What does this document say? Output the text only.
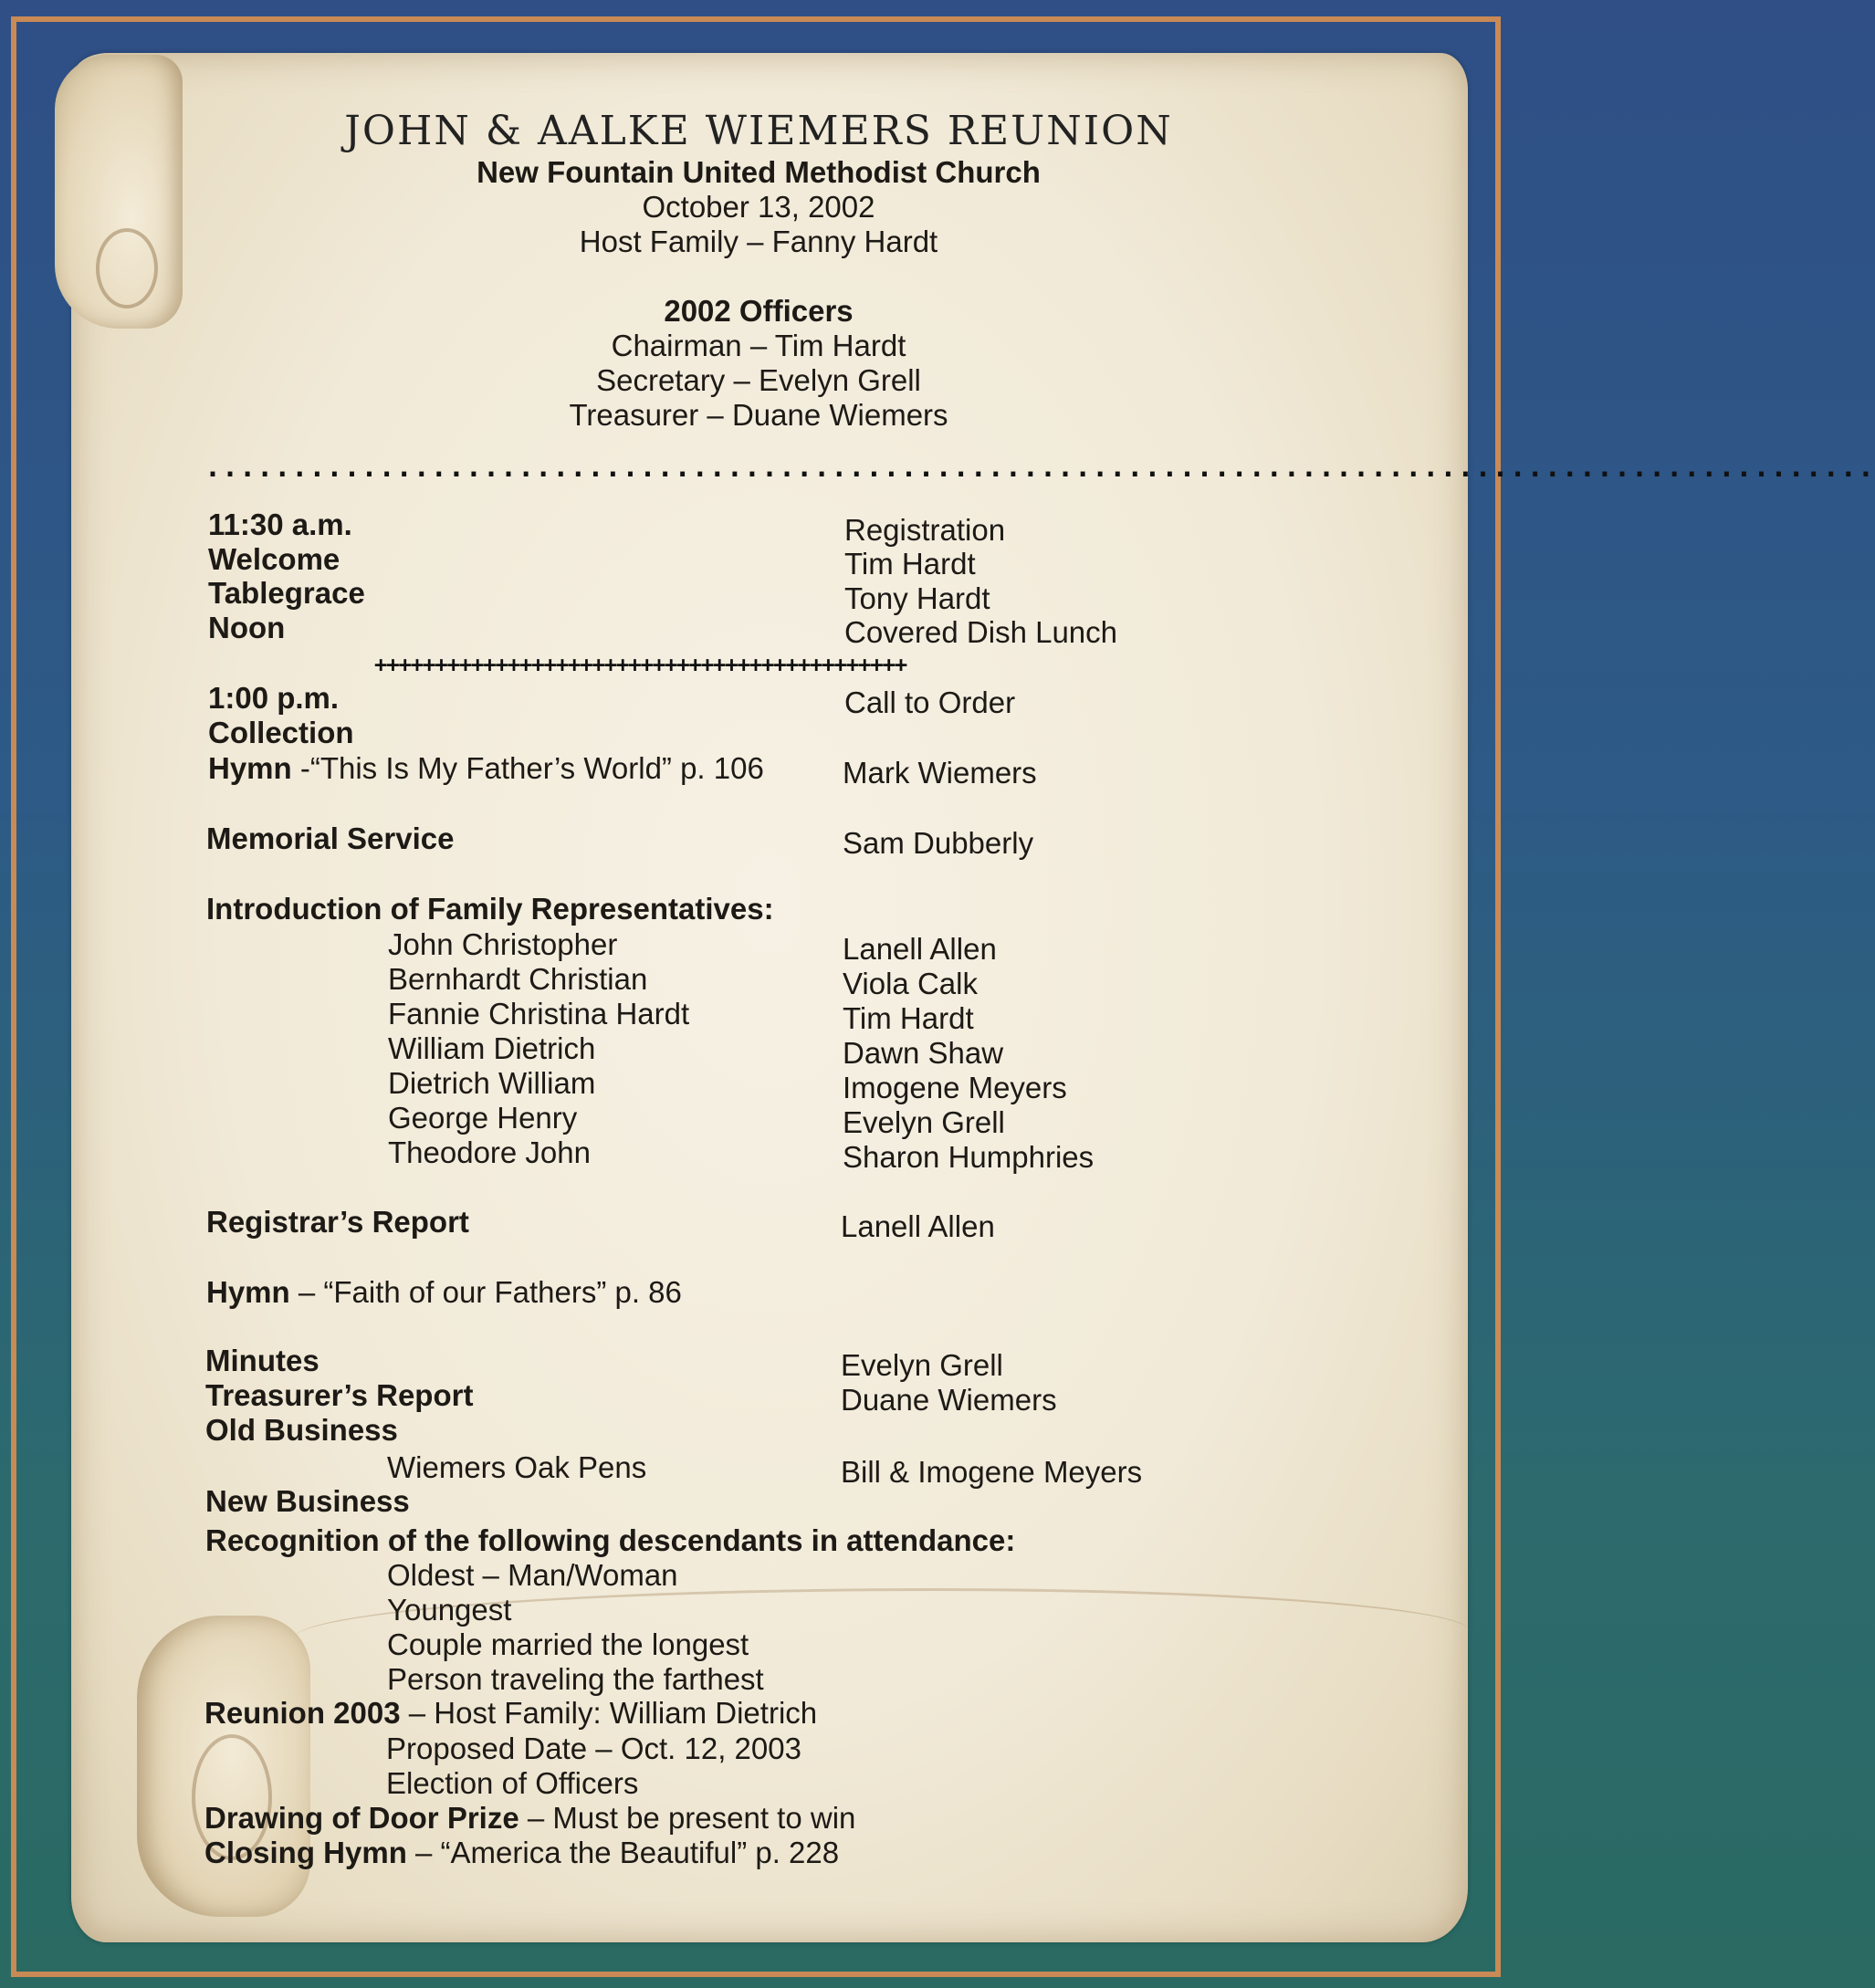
JOHN & AALKE WIEMERS REUNION
New Fountain United Methodist Church
October 13, 2002
Host Family – Fanny Hardt
2002 Officers
Chairman – Tim Hardt
Secretary – Evelyn Grell
Treasurer – Duane Wiemers
................................................................................................
11:30 a.m.	Registration
Welcome	Tim Hardt
Tablegrace	Tony Hardt
Noon	Covered Dish Lunch
++++++++++++++++++++++++++++++++++++++++++++
1:00 p.m.	Call to Order
Collection
Hymn -“This Is My Father’s World” p. 106	Mark Wiemers
Memorial Service	Sam Dubberly
Introduction of Family Representatives:
John Christopher	Lanell Allen
Bernhardt Christian	Viola Calk
Fannie Christina Hardt	Tim Hardt
William Dietrich	Dawn Shaw
Dietrich William	Imogene Meyers
George Henry	Evelyn Grell
Theodore John	Sharon Humphries
Registrar’s Report	Lanell Allen
Hymn – “Faith of our Fathers” p. 86
Minutes	Evelyn Grell
Treasurer’s Report	Duane Wiemers
Old Business
Wiemers Oak Pens	Bill & Imogene Meyers
New Business
Recognition of the following descendants in attendance:
Oldest – Man/Woman
Youngest
Couple married the longest
Person traveling the farthest
Reunion 2003 – Host Family: William Dietrich
Proposed Date – Oct. 12, 2003
Election of Officers
Drawing of Door Prize – Must be present to win
Closing Hymn – “America the Beautiful” p. 228
